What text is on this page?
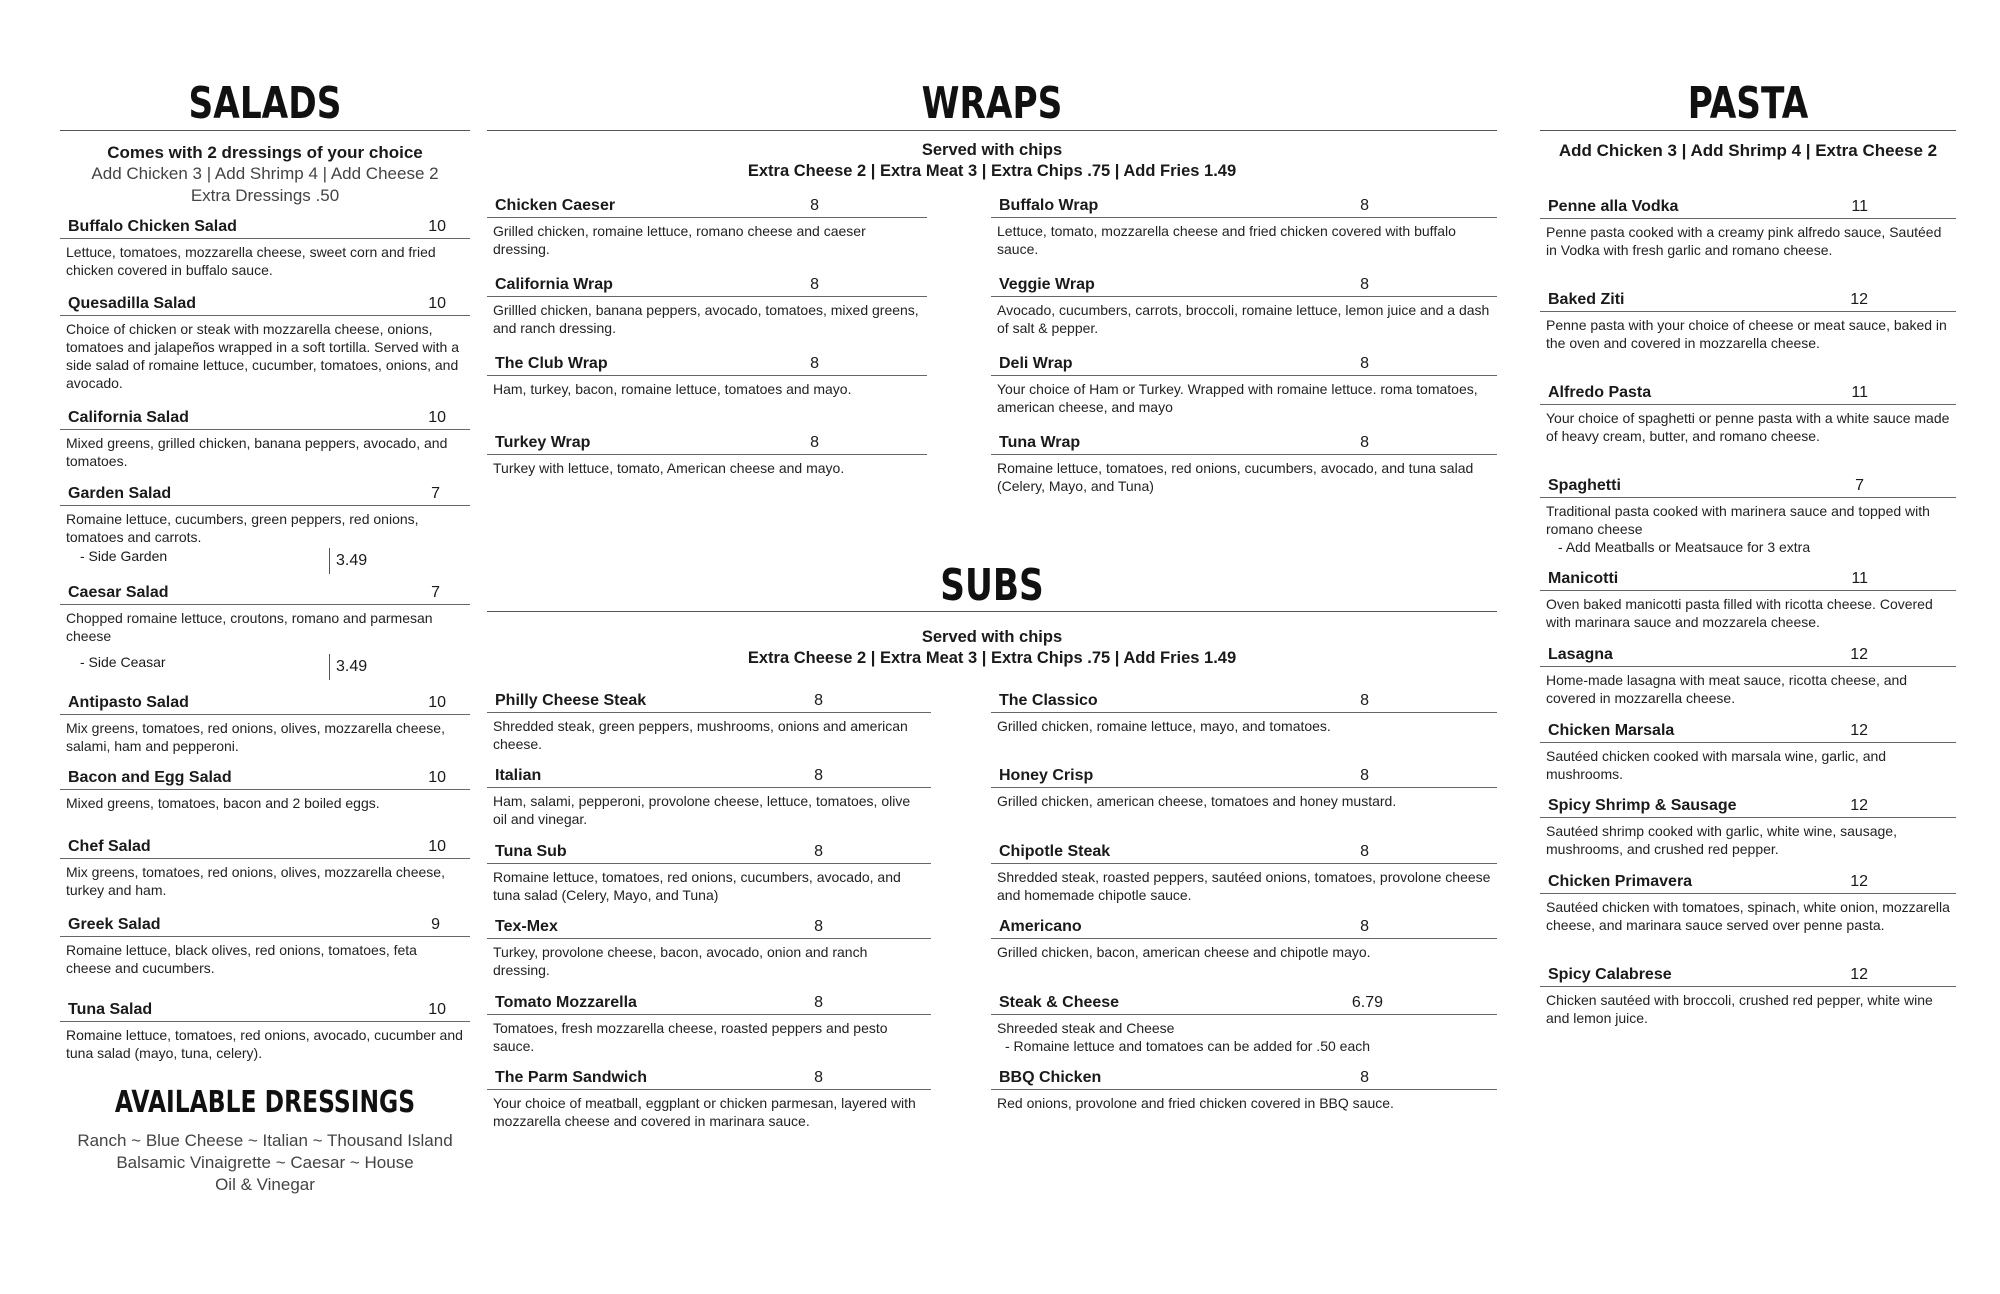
SALADS
Comes with 2 dressings of your choice
Add Chicken 3 | Add Shrimp 4 | Add Cheese 2
Extra Dressings .50
Buffalo Chicken Salad	10
Lettuce, tomatoes, mozzarella cheese, sweet corn and fried chicken covered in buffalo sauce.
Quesadilla Salad	10
Choice of chicken or steak with mozzarella cheese, onions, tomatoes and jalapeños wrapped in a soft tortilla. Served with a side salad of romaine lettuce, cucumber, tomatoes, onions, and avocado.
California Salad	10
Mixed greens, grilled chicken, banana peppers, avocado, and tomatoes.
Garden Salad	7
Romaine lettuce, cucumbers, green peppers, red onions, tomatoes and carrots.
- Side Garden	3.49
Caesar Salad	7
Chopped romaine lettuce, croutons, romano and parmesan cheese
- Side Ceasar	3.49
Antipasto Salad	10
Mix greens, tomatoes, red onions, olives, mozzarella cheese, salami, ham and pepperoni.
Bacon and Egg Salad	10
Mixed greens, tomatoes, bacon and 2 boiled eggs.
Chef Salad	10
Mix greens, tomatoes, red onions, olives, mozzarella cheese, turkey and ham.
Greek Salad	9
Romaine lettuce, black olives, red onions, tomatoes, feta cheese and cucumbers.
Tuna Salad	10
Romaine lettuce, tomatoes, red onions, avocado, cucumber and tuna salad (mayo, tuna, celery).
AVAILABLE DRESSINGS
Ranch ~ Blue Cheese ~ Italian ~ Thousand Island
Balsamic Vinaigrette ~ Caesar ~ House
Oil & Vinegar
WRAPS
Served with chips
Extra Cheese 2 | Extra Meat 3 | Extra Chips .75 | Add Fries 1.49
Chicken Caeser	8
Grilled chicken, romaine lettuce, romano cheese and caeser dressing.
California Wrap	8
Grillled chicken, banana peppers, avocado, tomatoes, mixed greens, and ranch dressing.
The Club Wrap	8
Ham, turkey, bacon, romaine lettuce, tomatoes and mayo.
Turkey Wrap	8
Turkey with lettuce, tomato, American cheese and mayo.
Buffalo Wrap	8
Lettuce, tomato, mozzarella cheese and fried chicken covered with buffalo sauce.
Veggie Wrap	8
Avocado, cucumbers, carrots, broccoli, romaine lettuce, lemon juice and a dash of salt & pepper.
Deli Wrap	8
Your choice of Ham or Turkey. Wrapped with romaine lettuce. roma tomatoes, american cheese, and mayo
Tuna Wrap	8
Romaine lettuce, tomatoes, red onions, cucumbers, avocado, and tuna salad (Celery, Mayo, and Tuna)
SUBS
Served with chips
Extra Cheese 2 | Extra Meat 3 | Extra Chips .75 | Add Fries 1.49
Philly Cheese Steak	8
Shredded steak, green peppers, mushrooms, onions and american cheese.
Italian	8
Ham, salami, pepperoni, provolone cheese, lettuce, tomatoes, olive oil and vinegar.
Tuna Sub	8
Romaine lettuce, tomatoes, red onions, cucumbers, avocado, and tuna salad (Celery, Mayo, and Tuna)
Tex-Mex	8
Turkey, provolone cheese, bacon, avocado, onion and ranch dressing.
Tomato Mozzarella	8
Tomatoes, fresh mozzarella cheese, roasted peppers and pesto sauce.
The Parm Sandwich	8
Your choice of meatball, eggplant or chicken parmesan, layered with mozzarella cheese and covered in marinara sauce.
The Classico	8
Grilled chicken, romaine lettuce, mayo, and tomatoes.
Honey Crisp	8
Grilled chicken, american cheese, tomatoes and honey mustard.
Chipotle Steak	8
Shredded steak, roasted peppers, sautéed onions, tomatoes, provolone cheese and homemade chipotle sauce.
Americano	8
Grilled chicken, bacon, american cheese and chipotle mayo.
Steak & Cheese	6.79
Shreeded steak and Cheese
- Romaine lettuce and tomatoes can be added for .50 each
BBQ Chicken	8
Red onions, provolone and fried chicken covered in BBQ sauce.
PASTA
Add Chicken 3 | Add Shrimp 4 | Extra Cheese 2
Penne alla Vodka	11
Penne pasta cooked with a creamy pink alfredo sauce, Sautéed in Vodka with fresh garlic and romano cheese.
Baked Ziti	12
Penne pasta with your choice of cheese or meat sauce, baked in the oven and covered in mozzarella cheese.
Alfredo Pasta	11
Your choice of spaghetti or penne pasta with a white sauce made of heavy cream, butter, and romano cheese.
Spaghetti	7
Traditional pasta cooked with marinera sauce and topped with romano cheese
- Add Meatballs or Meatsauce for 3 extra
Manicotti	11
Oven baked manicotti pasta filled with ricotta cheese. Covered with marinara sauce and mozzarela cheese.
Lasagna	12
Home-made lasagna with meat sauce, ricotta cheese, and covered in mozzarella cheese.
Chicken Marsala	12
Sautéed chicken cooked with marsala wine, garlic, and mushrooms.
Spicy Shrimp & Sausage	12
Sautéed shrimp cooked with garlic, white wine, sausage, mushrooms, and crushed red pepper.
Chicken Primavera	12
Sautéed chicken with tomatoes, spinach, white onion, mozzarella cheese, and marinara sauce served over penne pasta.
Spicy Calabrese	12
Chicken sautéed with broccoli, crushed red pepper, white wine and lemon juice.
